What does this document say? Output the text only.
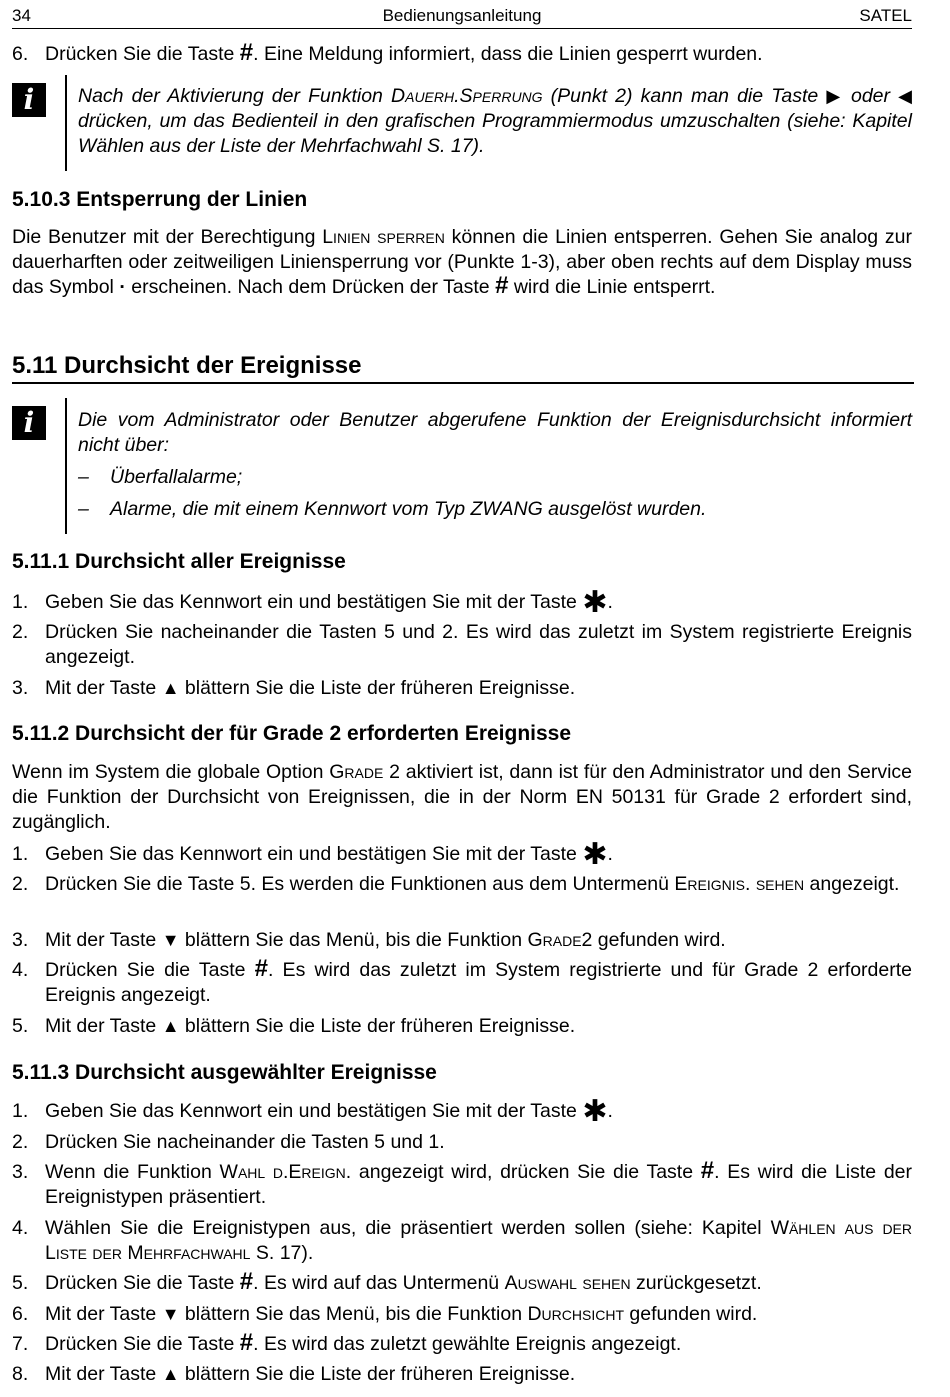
34	Bedienungsanleitung	SATEL
6. Drücken Sie die Taste #. Eine Meldung informiert, dass die Linien gesperrt wurden.
i	Nach der Aktivierung der Funktion Dauerh.Sperrung (Punkt 2) kann man die Taste ▶ oder ◀ drücken, um das Bedienteil in den grafischen Programmiermodus umzuschalten (siehe: Kapitel Wählen aus der Liste der Mehrfachwahl S. 17).
5.10.3 Entsperrung der Linien
Die Benutzer mit der Berechtigung Linien sperren können die Linien entsperren. Gehen Sie analog zur dauerharften oder zeitweiligen Liniensperrung vor (Punkte 1-3), aber oben rechts auf dem Display muss das Symbol · erscheinen. Nach dem Drücken der Taste # wird die Linie entsperrt.
5.11 Durchsicht der Ereignisse
i	Die vom Administrator oder Benutzer abgerufene Funktion der Ereignisdurchsicht informiert nicht über:
– Überfallalarme;
– Alarme, die mit einem Kennwort vom Typ ZWANG ausgelöst wurden.
5.11.1 Durchsicht aller Ereignisse
1. Geben Sie das Kennwort ein und bestätigen Sie mit der Taste ✱.
2. Drücken Sie nacheinander die Tasten 5 und 2. Es wird das zuletzt im System registrierte Ereignis angezeigt.
3. Mit der Taste ▲ blättern Sie die Liste der früheren Ereignisse.
5.11.2 Durchsicht der für Grade 2 erforderten Ereignisse
Wenn im System die globale Option Grade 2 aktiviert ist, dann ist für den Administrator und den Service die Funktion der Durchsicht von Ereignissen, die in der Norm EN 50131 für Grade 2 erfordert sind, zugänglich.
1. Geben Sie das Kennwort ein und bestätigen Sie mit der Taste ✱.
2. Drücken Sie die Taste 5. Es werden die Funktionen aus dem Untermenü Ereignis. sehen angezeigt.
3. Mit der Taste ▼ blättern Sie das Menü, bis die Funktion Grade2 gefunden wird.
4. Drücken Sie die Taste #. Es wird das zuletzt im System registrierte und für Grade 2 erforderte Ereignis angezeigt.
5. Mit der Taste ▲ blättern Sie die Liste der früheren Ereignisse.
5.11.3 Durchsicht ausgewählter Ereignisse
1. Geben Sie das Kennwort ein und bestätigen Sie mit der Taste ✱.
2. Drücken Sie nacheinander die Tasten 5 und 1.
3. Wenn die Funktion Wahl d.Ereign. angezeigt wird, drücken Sie die Taste #. Es wird die Liste der Ereignistypen präsentiert.
4. Wählen Sie die Ereignistypen aus, die präsentiert werden sollen (siehe: Kapitel Wählen aus der Liste der Mehrfachwahl S. 17).
5. Drücken Sie die Taste #. Es wird auf das Untermenü Auswahl sehen zurückgesetzt.
6. Mit der Taste ▼ blättern Sie das Menü, bis die Funktion Durchsicht gefunden wird.
7. Drücken Sie die Taste #. Es wird das zuletzt gewählte Ereignis angezeigt.
8. Mit der Taste ▲ blättern Sie die Liste der früheren Ereignisse.
